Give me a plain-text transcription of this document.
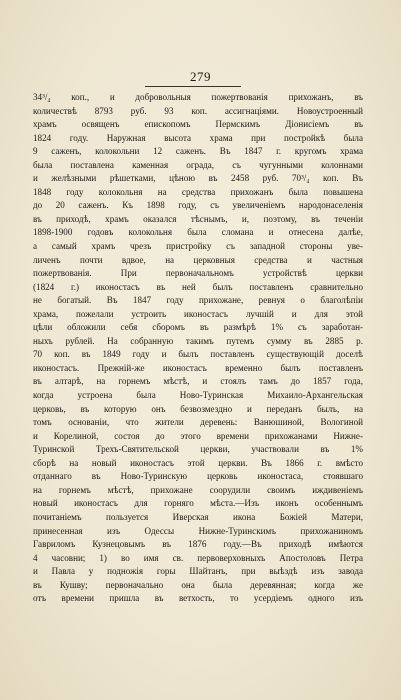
279
34³/₄ коп., и добровольныя пожертвованія прихожанъ, въ
количествѣ 8793 руб. 93 коп. ассигнаціями. Новоустроенный
храмъ освященъ епископомъ Пермскимъ Діонисіемъ въ
1824 году. Наружная высота храма при постройкѣ была
9 саженъ, колокольни 12 саженъ. Въ 1847 г. кругомъ храма
была поставлена каменная ограда, съ чугунными колоннами
и желѣзными рѣшетками, цѣною въ 2458 руб. 70³/₄ коп. Въ
1848 году колокольня на средства прихожанъ была повышена
до 20 саженъ. Къ 1898 году, съ увеличеніемъ народонаселенія
въ приходѣ, храмъ оказался тѣснымъ, и, поэтому, въ теченіи
1898-1900 годовъ колокольня была сломана и отнесена далѣе,
а самый храмъ чрезъ пристройку съ западной стороны уве-
личенъ почти вдвое, на церковныя средства и частныя
пожертвованія. При первоначальномъ устройствѣ церкви
(1824 г.) иконостасъ въ ней былъ поставленъ сравнительно
не богатый. Въ 1847 году прихожане, ревнуя о благолѣпіи
храма, пожелали устроить иконостасъ лучшій и для этой
цѣли обложили себя сборомъ въ размѣрѣ 1% съ заработан-
ныхъ рублей. На собранную такимъ путемъ сумму въ 2885 р.
70 коп. въ 1849 году и былъ поставленъ существующій доселѣ
иконостасъ. Прежній-же иконостасъ временно былъ поставленъ
въ алтарѣ, на горнемъ мѣстѣ, и стоялъ тамъ до 1857 года,
когда устроена была Ново-Туринская Михаило-Архангельская
церковь, въ которую онъ безвозмездно и переданъ былъ, на
томъ основаніи, что жители деревень: Ванюшиной, Вологиной
и Корелиной, состоя до этого времени прихожанами Нижне-
Туринской Трехъ-Святительской церкви, участвовали въ 1%
сборѣ на новый иконостасъ этой церкви. Въ 1866 г. вмѣсто
отданнаго въ Ново-Туринскую церковь иконостаса, стоявшаго
на горнемъ мѣстѣ, прихожане соорудили своимъ иждивеніемъ
новый иконостасъ для горняго мѣста.—Изъ иконъ особеннымъ
почитаніемъ пользуется Иверская икона Божіей Матери,
принесенная изъ Одессы Нижне-Туринскимъ прихожаниномъ
Гавриломъ Кузнецовымъ въ 1876 году.—Въ приходѣ имѣются
4 часовни; 1) во имя св. первоверховныхъ Апостоловъ Петра
и Павла у подножія горы Шайтанъ, при выѣздѣ изъ завода
въ Кушву; первоначально она была деревянная; когда же
отъ времени пришла въ ветхость, то усердіемъ одного изъ
